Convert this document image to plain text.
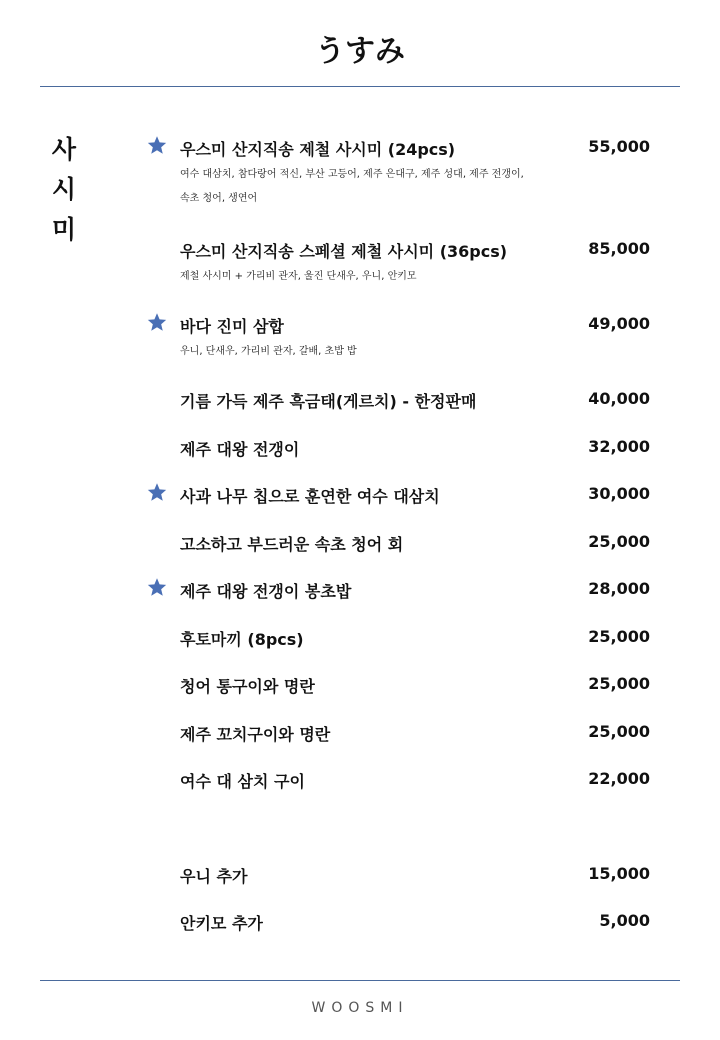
うすみ
사
시
미
우스미 산지직송 제철 사시미 (24pcs)	55,000
여수 대삼치, 참다랑어 적신, 부산 고등어, 제주 은대구, 제주 성대, 제주 전갱이,
속초 청어, 생연어
우스미 산지직송 스페셜 제철 사시미 (36pcs)	85,000
제철 사시미 + 가리비 관자, 울진 단새우, 우니, 안키모
바다 진미 삼합	49,000
우니, 단새우, 가리비 관자, 갈배, 초밥 밥
기름 가득 제주 흑금태(게르치) - 한정판매	40,000
제주 대왕 전갱이	32,000
사과 나무 칩으로 훈연한 여수 대삼치	30,000
고소하고 부드러운 속초 청어 회	25,000
제주 대왕 전갱이 봉초밥	28,000
후토마끼 (8pcs)	25,000
청어 통구이와 명란	25,000
제주 꼬치구이와 명란	25,000
여수 대 삼치 구이	22,000
우니 추가	15,000
안키모 추가	5,000
WOOSMI
